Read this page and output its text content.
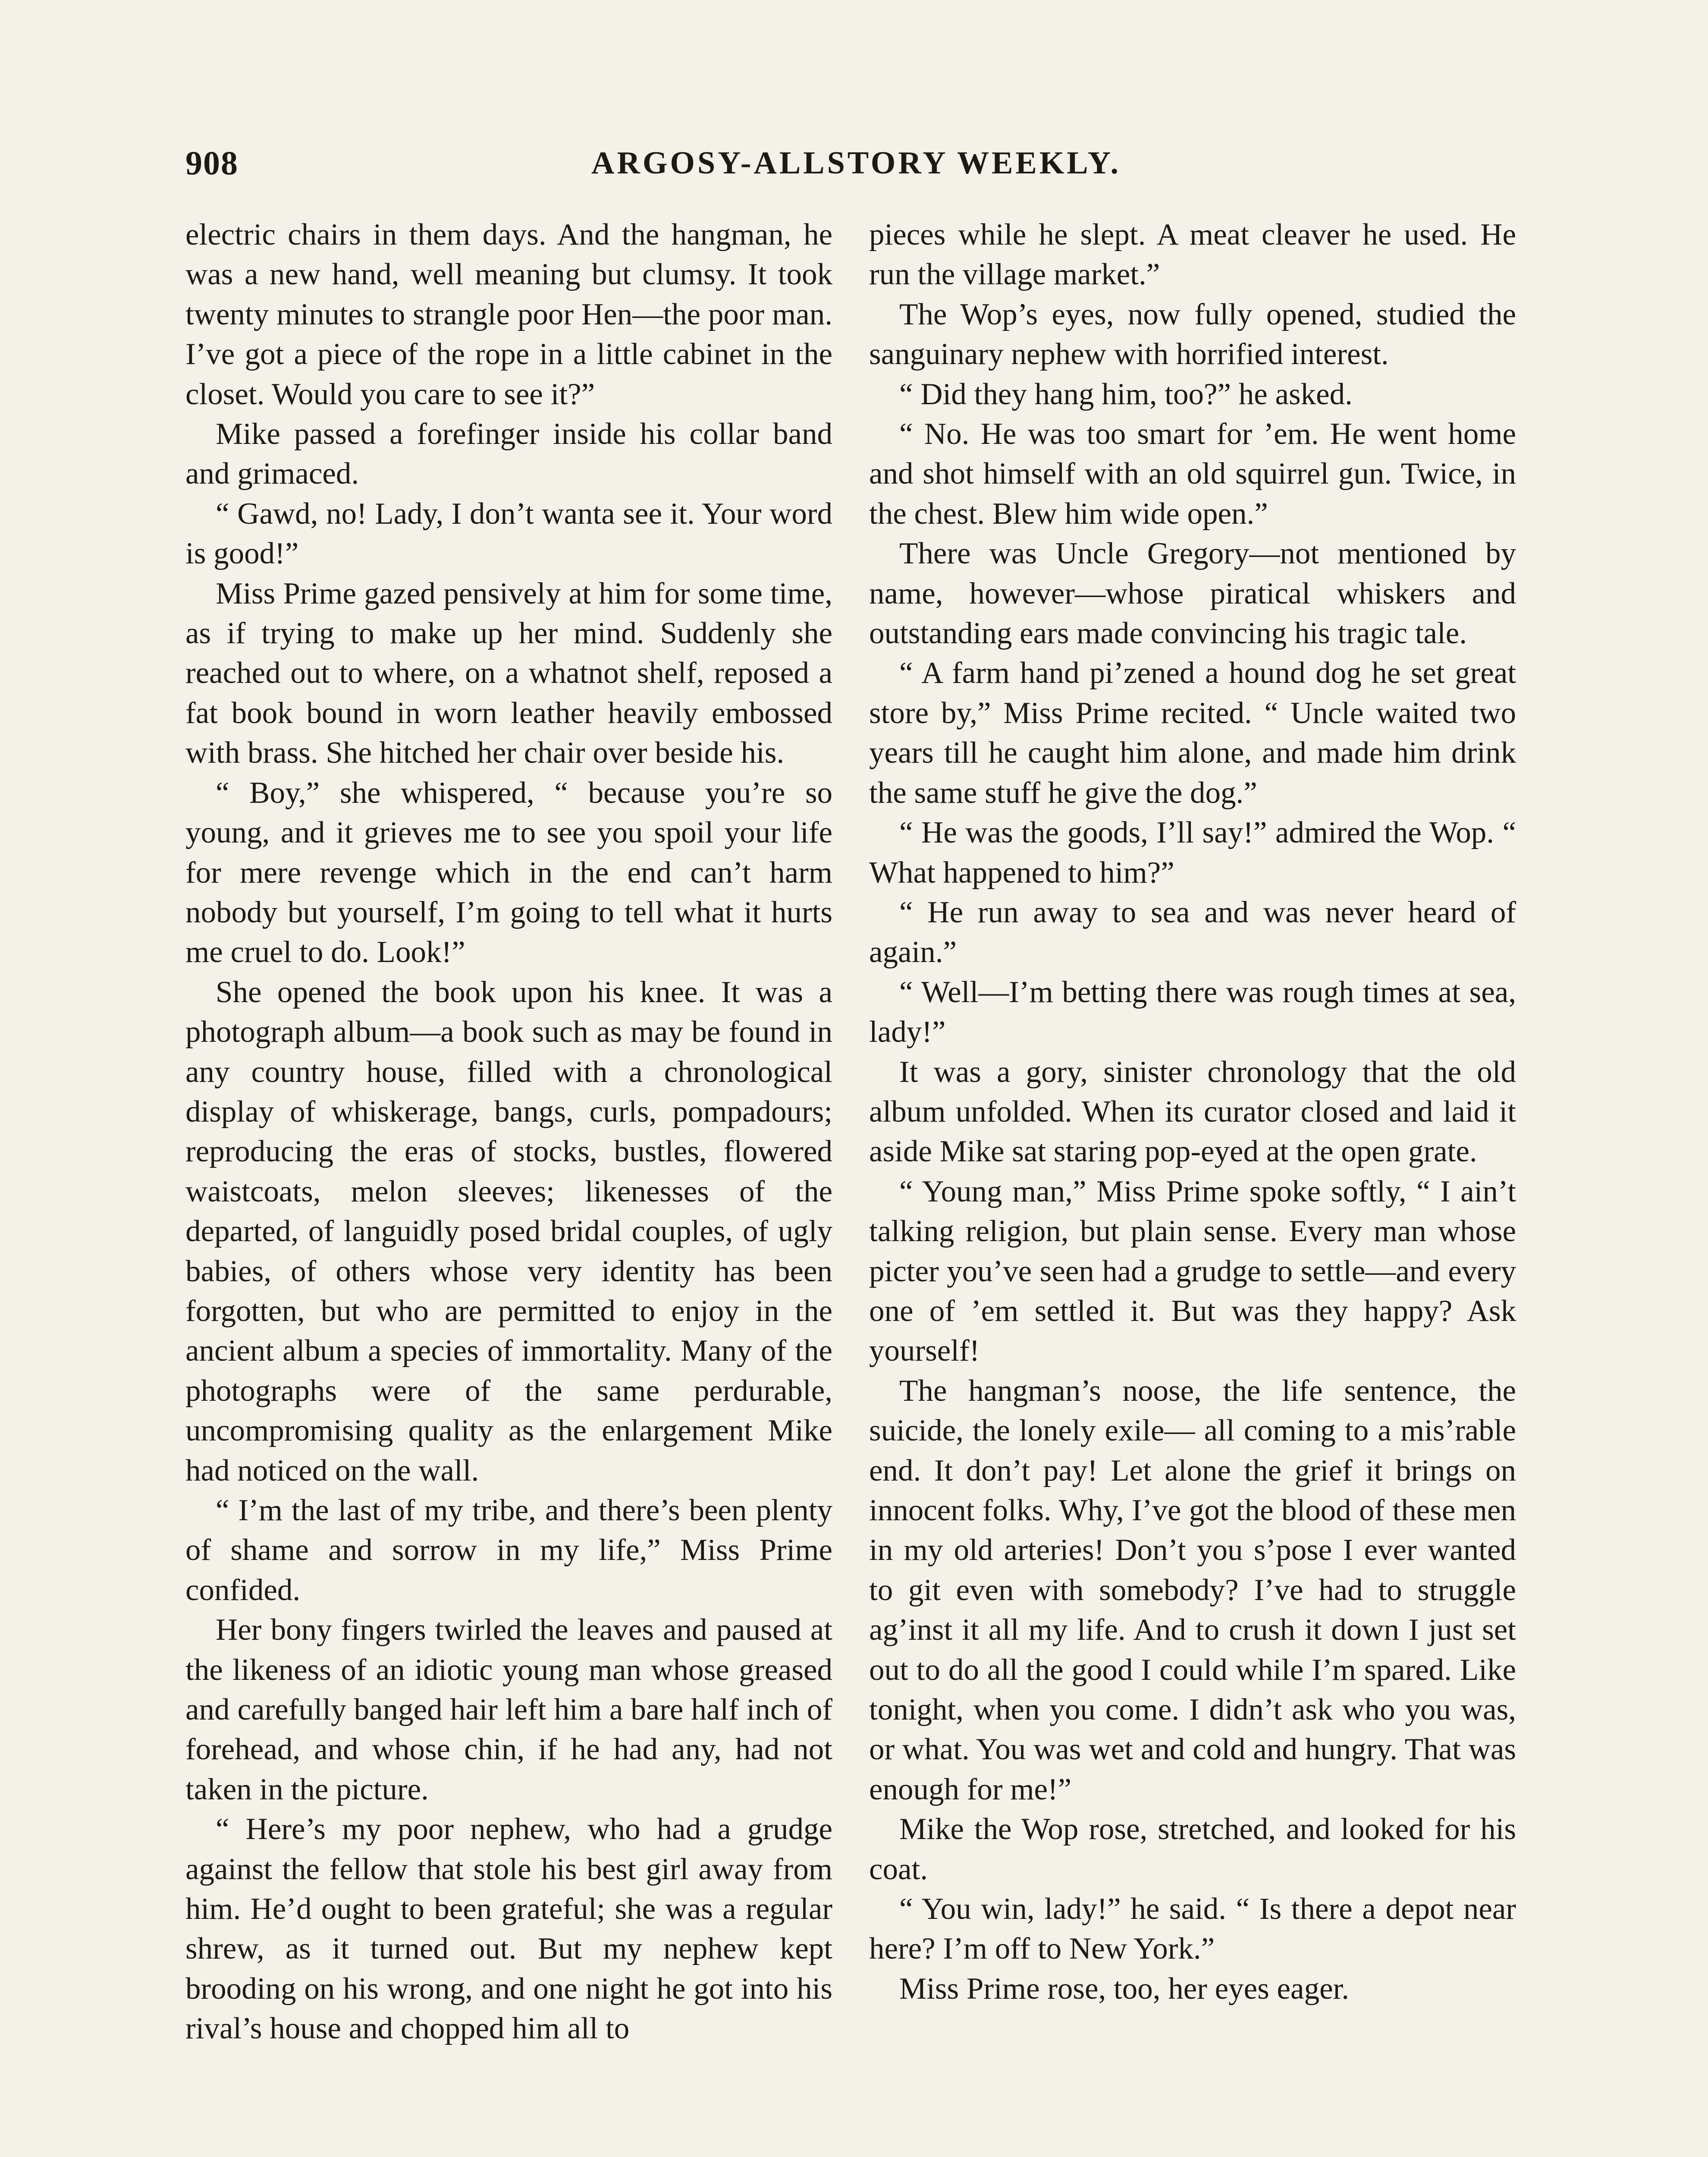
908	ARGOSY-ALLSTORY WEEKLY.

electric chairs in them days. And the hangman, he was a new hand, well meaning but clumsy. It took twenty minutes to strangle poor Hen—the poor man. I’ve got a piece of the rope in a little cabinet in the closet. Would you care to see it?”

Mike passed a forefinger inside his collar band and grimaced.

“ Gawd, no! Lady, I don’t wanta see it. Your word is good!”

Miss Prime gazed pensively at him for some time, as if trying to make up her mind. Suddenly she reached out to where, on a whatnot shelf, reposed a fat book bound in worn leather heavily embossed with brass. She hitched her chair over beside his.

“ Boy,” she whispered, “ because you’re so young, and it grieves me to see you spoil your life for mere revenge which in the end can’t harm nobody but yourself, I’m going to tell what it hurts me cruel to do. Look!”

She opened the book upon his knee. It was a photograph album—a book such as may be found in any country house, filled with a chronological display of whiskerage, bangs, curls, pompadours; reproducing the eras of stocks, bustles, flowered waistcoats, melon sleeves; likenesses of the departed, of languidly posed bridal couples, of ugly babies, of others whose very identity has been forgotten, but who are permitted to enjoy in the ancient album a species of immortality. Many of the photographs were of the same perdurable, uncompromising quality as the enlargement Mike had noticed on the wall.

“ I’m the last of my tribe, and there’s been plenty of shame and sorrow in my life,” Miss Prime confided.

Her bony fingers twirled the leaves and paused at the likeness of an idiotic young man whose greased and carefully banged hair left him a bare half inch of forehead, and whose chin, if he had any, had not taken in the picture.

“ Here’s my poor nephew, who had a grudge against the fellow that stole his best girl away from him. He’d ought to been grateful; she was a regular shrew, as it turned out. But my nephew kept brooding on his wrong, and one night he got into his rival’s house and chopped him all to

pieces while he slept. A meat cleaver he used. He run the village market.”

The Wop’s eyes, now fully opened, studied the sanguinary nephew with horrified interest.

“ Did they hang him, too?” he asked.

“ No. He was too smart for ’em. He went home and shot himself with an old squirrel gun. Twice, in the chest. Blew him wide open.”

There was Uncle Gregory—not mentioned by name, however—whose piratical whiskers and outstanding ears made convincing his tragic tale.

“ A farm hand pi’zened a hound dog he set great store by,” Miss Prime recited. “ Uncle waited two years till he caught him alone, and made him drink the same stuff he give the dog.”

“ He was the goods, I’ll say!” admired the Wop. “ What happened to him?”

“ He run away to sea and was never heard of again.”

“ Well—I’m betting there was rough times at sea, lady!”

It was a gory, sinister chronology that the old album unfolded. When its curator closed and laid it aside Mike sat staring pop-eyed at the open grate.

“ Young man,” Miss Prime spoke softly, “ I ain’t talking religion, but plain sense. Every man whose picter you’ve seen had a grudge to settle—and every one of ’em settled it. But was they happy? Ask yourself!

The hangman’s noose, the life sentence, the suicide, the lonely exile— all coming to a mis’rable end. It don’t pay! Let alone the grief it brings on innocent folks. Why, I’ve got the blood of these men in my old arteries! Don’t you s’pose I ever wanted to git even with somebody? I’ve had to struggle ag’inst it all my life. And to crush it down I just set out to do all the good I could while I’m spared. Like tonight, when you come. I didn’t ask who you was, or what. You was wet and cold and hungry. That was enough for me!”

Mike the Wop rose, stretched, and looked for his coat.

“ You win, lady!” he said. “ Is there a depot near here? I’m off to New York.”

Miss Prime rose, too, her eyes eager.
